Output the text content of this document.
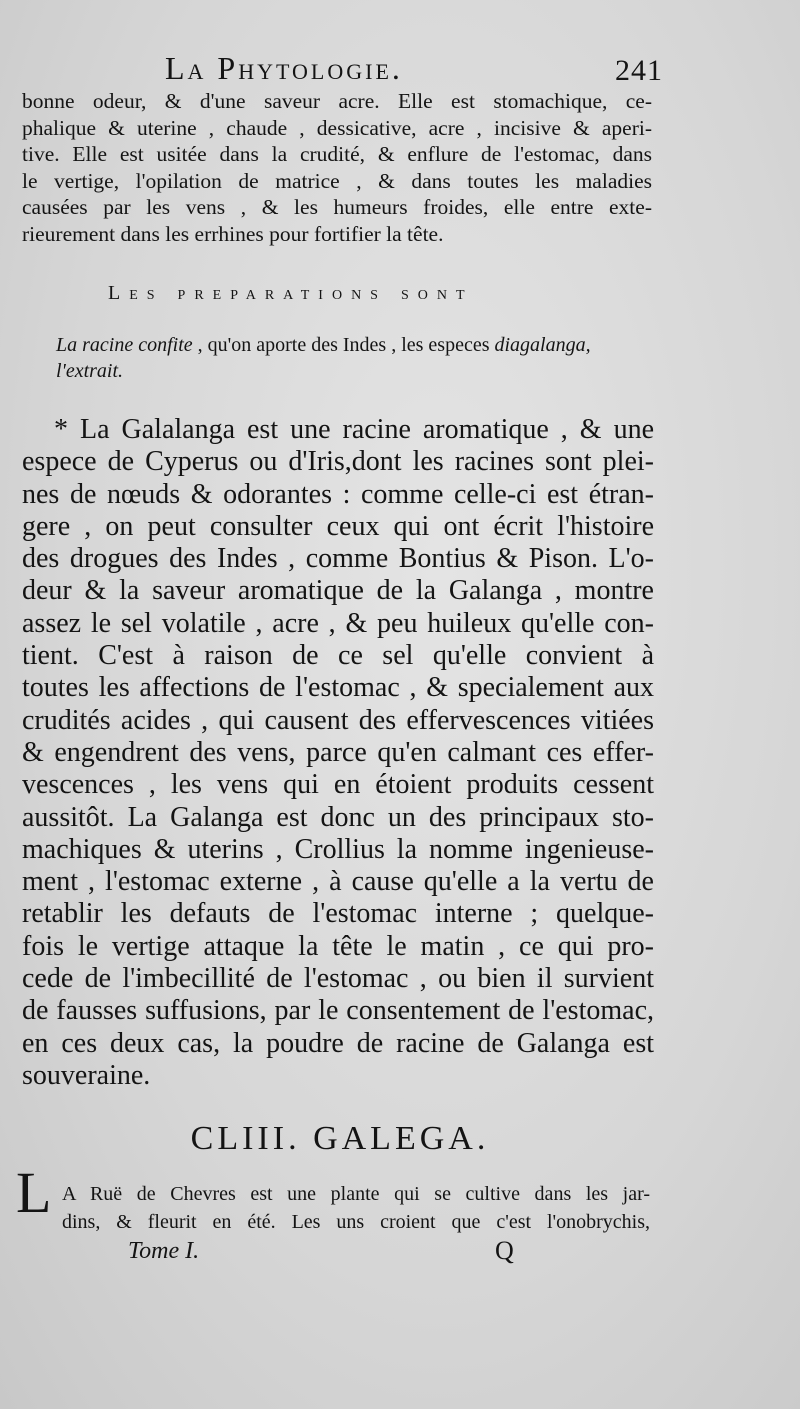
La Phytologie.	241
bonne odeur, & d'une saveur acre. Elle est stomachique, ce-
phalique & uterine , chaude , dessicative, acre , incisive & aperi-
tive. Elle est usitée dans la crudité, & enflure de l'estomac, dans
le vertige, l'opilation de matrice , & dans toutes les maladies
causées par les vens , & les humeurs froides, elle entre exte-
rieurement dans les errhines pour fortifier la tête.
Les preparations sont
La racine confite , qu'on aporte des Indes , les especes diagalanga, l'extrait.
* La Galalanga est une racine aromatique , & une
espece de Cyperus ou d'Iris,dont les racines sont plei-
nes de nœuds & odorantes : comme celle-ci est étran-
gere , on peut consulter ceux qui ont écrit l'histoire
des drogues des Indes , comme Bontius & Pison. L'o-
deur & la saveur aromatique de la Galanga , montre
assez le sel volatile , acre , & peu huileux qu'elle con-
tient. C'est à raison de ce sel qu'elle convient à
toutes les affections de l'estomac , & specialement aux
crudités acides , qui causent des effervescences vitiées
& engendrent des vens, parce qu'en calmant ces effer-
vescences , les vens qui en étoient produits cessent
aussitôt. La Galanga est donc un des principaux sto-
machiques & uterins , Crollius la nomme ingenieuse-
ment , l'estomac externe , à cause qu'elle a la vertu de
retablir les defauts de l'estomac interne ; quelque-
fois le vertige attaque la tête le matin , ce qui pro-
cede de l'imbecillité de l'estomac , ou bien il survient
de fausses suffusions, par le consentement de l'estomac,
en ces deux cas, la poudre de racine de Galanga est
souveraine.
CLIII. GALEGA.
L A Ruë de Chevres est une plante qui se cultive dans les jar-
dins, & fleurit en été. Les uns croient que c'est l'onobrychis,
Tome I.	Q
